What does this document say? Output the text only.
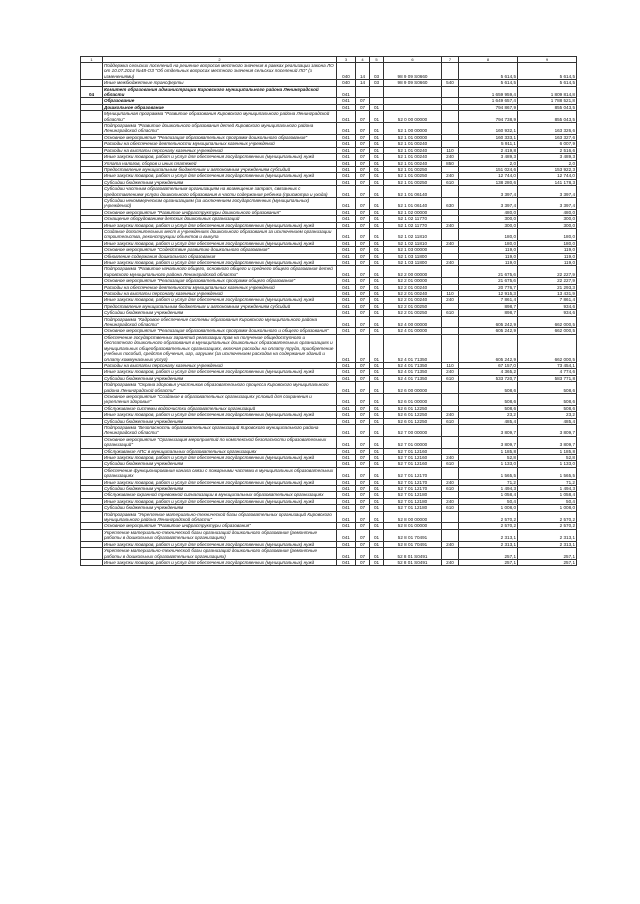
1	2	3	4	5	6	7	8	9
	Поддержка сельских поселений на решение вопросов местного значения в рамках реализации закона ЛО от 10.07.2014 №48-ОЗ "Об отдельных вопросах местного значения сельских поселений ЛО" (з изменениями)	040	14	03	98 9 09 S0660		5 614,5	5 614,5
	Иные межбюджетные трансферты	040	14	03	98 9 09 S0660	540	5 614,5	5 614,5
04	Комитет образования администрации Кировского муниципального района Ленинградской области	041					1 659 959,4	1 809 814,8
	Образование	041	07				1 649 657,4	1 788 521,8
	Дошкольное образование	041	07	01			794 867,9	855 043,5
	Муниципальная программа "Развитие образования Кировского муниципального района Ленинградской области"	041	07	01	52 0 00 00000		794 738,9	855 043,5
	Подпрограмма "Развитие дошкольного образования детей Кировского муниципального района Ленинградской области"	041	07	01	52 1 00 00000		160 932,1	163 326,6
	Основное мероприятие "Реализация образовательных программ дошкольного образования"	041	07	01	52 1 01 00000		160 333,1	163 327,6
	Расходы на обеспечение деятельности муниципальных казенных учреждений	041	07	01	52 1 01 00240		5 911,1	6 007,9
	Расходы на выплаты персоналу казенных учреждений	041	07	01	52 1 01 00240	110	2 419,8	2 516,6
	Иные закупки товаров, работ и услуг для обеспечения государственных (муниципальных) нужд	041	07	01	52 1 01 00240	240	3 489,3	3 489,3
	Уплата налогов, сборов и иных платежей	041	07	01	52 1 01 00240	850	2,0	2,0
	Предоставление муниципальным бюджетным и автономным учреждениям субсидий	041	07	01	52 1 01 00250		151 024,6	153 922,3
	Иные закупки товаров, работ и услуг для обеспечения государственных (муниципальных) нужд	041	07	01	52 1 01 00250	240	12 744,0	12 744,0
	Субсидии бюджетным учреждениям	041	07	01	52 1 01 00250	610	138 280,6	141 178,3
	Субсидии частным образовательным организациям на возмещение затрат, связанных с предоставлением услуги дошкольного образования в части содержания ребенка (присмотра и ухода)	041	07	01	52 1 01 06140		3 397,4	3 397,4
	Субсидии некоммерческим организациям (за исключением государственных (муниципальных) учреждений)	041	07	01	52 1 01 06140	630	3 397,4	3 397,4
	Основное мероприятие "Развитие инфраструктуры дошкольного образования"	041	07	01	52 1 02 00000		480,0	480,0
	Оснащение оборудованием детских дошкольных организаций	041	07	01	52 1 02 11770		300,0	300,0
	Иные закупки товаров, работ и услуг для обеспечения государственных (муниципальных) нужд	041	07	01	52 1 02 11770	240	300,0	300,0
	Создание дополнительных мест в учреждениях дошкольного образования за исключением организации строительства, реконструкции объектов и выкупа	041	07	01	52 1 02 11810		180,0	180,0
	Иные закупки товаров, работ и услуг для обеспечения государственных (муниципальных) нужд	041	07	01	52 1 02 11810	240	180,0	180,0
	Основное мероприятие "Содействие развитию дошкольного образования"	041	07	01	52 1 03 00000		119,0	119,0
	Обновление содержания дошкольного образования	041	07	01	52 1 03 11800		119,0	119,0
	Иные закупки товаров, работ и услуг для обеспечения государственных (муниципальных) нужд	041	07	01	52 1 03 11800	240	119,0	119,0
	Подпрограмма "Развитие начального общего, основного общего и среднего общего образования детей Кировского муниципального района Ленинградской области"	041	07	01	52 2 00 00000		21 675,6	22 227,9
	Основное мероприятие "Реализация образовательных программ общего образования"	041	07	01	52 2 01 00000		21 675,6	22 227,9
	Расходы на обеспечение деятельности муниципальных казенных учреждений	041	07	01	52 2 01 00240		20 776,7	21 293,3
	Расходы на выплаты персоналу казенных учреждений	041	07	01	52 2 01 00240	110	12 915,3	13 431,9
	Иные закупки товаров, работ и услуг для обеспечения государственных (муниципальных) нужд	041	07	01	52 2 01 00240	240	7 861,4	7 861,4
	Предоставление муниципальным бюджетным и автономным учреждениям субсидий	041	07	01	52 2 01 00250		898,7	934,6
	Субсидии бюджетным учреждениям	041	07	01	52 2 01 00250	610	898,7	934,6
	Подпрограмма "Кадровое обеспечение системы образования Кировского муниципального района Ленинградской области"	041	07	01	52 4 00 00000		605 242,9	662 000,5
	Основное мероприятие "Реализация образовательных программ дошкольного и общего образования"	041	07	01	52 4 01 00000		605 242,9	662 000,5
	Обеспечение государственных гарантий реализации прав на получение общедоступного и бесплатного дошкольного образования в муниципальных дошкольных образовательных организациях и муниципальных общеобразовательных организациях, включая расходы на оплату труда, приобретение учебных пособий, средств обучения, игр, игрушек (за исключением расходов на содержание зданий и оплату коммунальных услуг)	041	07	01	52 4 01 71350		605 242,9	662 000,5
	Расходы на выплаты персоналу казенных учреждений	041	07	01	52 4 01 71350	110	67 157,0	73 454,1
	Иные закупки товаров, работ и услуг для обеспечения государственных (муниципальных) нужд	041	07	01	52 4 01 71350	240	4 365,2	4 774,6
	Субсидии бюджетным учреждениям	041	07	01	52 4 01 71350	610	533 720,7	583 771,8
	Подпрограмма "Охрана здоровья участников образовательного процесса Кировского муниципального района Ленинградской области"	041	07	01	52 6 00 00000		508,6	508,6
	Основное мероприятие "Создание в образовательных организациях условий для сохранения и укрепления здоровья"	041	07	01	52 6 01 00000		508,6	508,6
	Обслуживание системы водоочистки образовательных организаций	041	07	01	52 6 01 12250		508,6	508,6
	Иные закупки товаров, работ и услуг для обеспечения государственных (муниципальных) нужд	041	07	01	52 6 01 12250	240	23,2	23,2
	Субсидии бюджетным учреждениям	041	07	01	52 6 01 12250	610	485,4	485,4
	Подпрограмма "Безопасность образовательных организаций Кировского муниципального района Ленинградской области"	041	07	01	52 7 00 00000		3 809,7	3 809,7
	Основное мероприятие "Организация мероприятий по комплексной безопасности образовательных организаций"	041	07	01	52 7 01 00000		3 809,7	3 809,7
	Обслуживание АПС в муниципальных образовательных организациях	041	07	01	52 7 01 12160		1 185,8	1 185,8
	Иные закупки товаров, работ и услуг для обеспечения государственных (муниципальных) нужд	041	07	01	52 7 01 12160	240	52,8	52,8
	Субсидии бюджетным учреждениям	041	07	01	52 7 01 12160	610	1 133,0	1 133,0
	Обеспечение функционирования канала связи с пожарными частями в муниципальных образовательных организациях	041	07	01	52 7 01 12170		1 565,5	1 565,5
	Иные закупки товаров, работ и услуг для обеспечения государственных (муниципальных) нужд	041	07	01	52 7 01 12170	240	71,2	71,2
	Субсидии бюджетным учреждениям	041	07	01	52 7 01 12170	610	1 494,3	1 494,3
	Обслуживание охранной тревожной сигнализации в муниципальных образовательных организациях	041	07	01	52 7 01 12180		1 058,4	1 058,4
	Иные закупки товаров, работ и услуг для обеспечения государственных (муниципальных) нужд	041	07	01	52 7 01 12180	240	50,4	50,4
	Субсидии бюджетным учреждениям	041	07	01	52 7 01 12180	610	1 008,0	1 008,0
	Подпрограмма "Укрепление материально-технической базы образовательных организаций Кировского муниципального района Ленинградской области"	041	07	01	52 8 00 00000		2 570,2	2 570,2
	Основное мероприятие "Развитие инфраструктуры образования"	041	07	01	52 8 01 00000		2 570,2	2 570,2
	Укрепление материально-технической базы организаций дошкольного образования (ремонтные работы в дошкольных образовательных организациях)	041	07	01	52 8 01 70491		2 313,1	2 313,1
	Иные закупки товаров, работ и услуг для обеспечения государственных (муниципальных) нужд	041	07	01	52 8 01 70491	240	2 313,1	2 313,1
	Укрепление материально-технической базы организаций дошкольного образования (ремонтные работы в дошкольных образовательных организациях)	041	07	01	52 8 01 S0491		257,1	257,1
	Иные закупки товаров, работ и услуг для обеспечения государственных (муниципальных) нужд	041	07	01	52 8 01 S0491	240	257,1	257,1
